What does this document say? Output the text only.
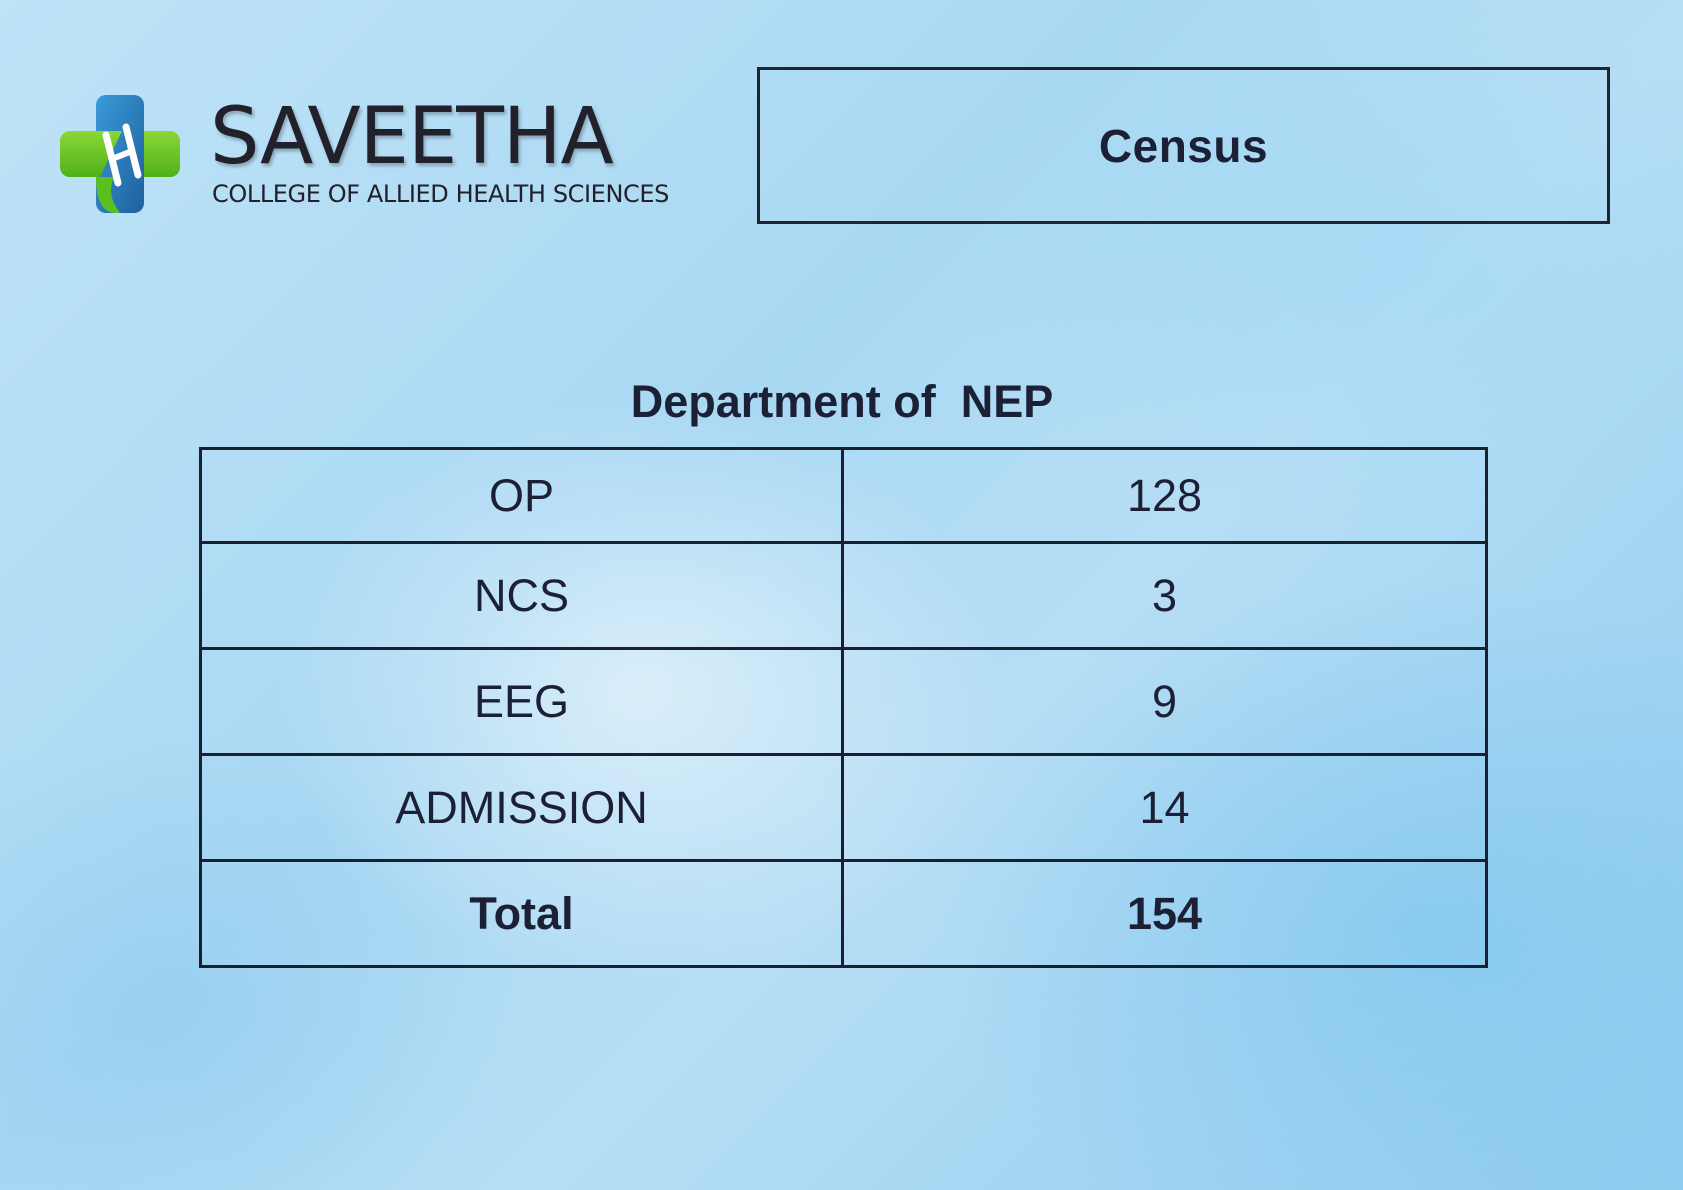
SAVEETHA
COLLEGE OF ALLIED HEALTH SCIENCES
Census
Department of  NEP
OP	128
NCS	3
EEG	9
ADMISSION	14
Total	154
